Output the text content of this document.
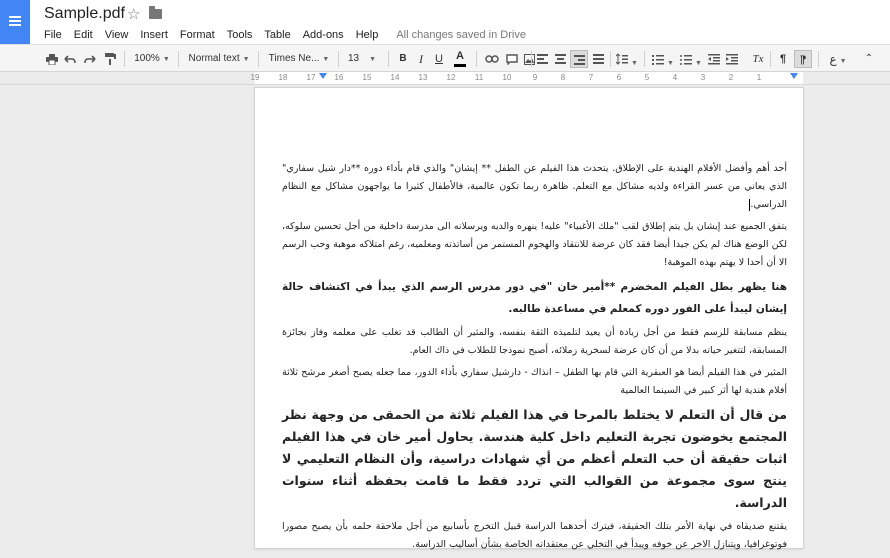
Sample.pdf ☆
File Edit View Insert Format Tools Table Add-ons Help All changes saved in Drive
100% ▼	Normal text ▼	Times Ne... ▼	13 ▼	B	I	U A
▼	▼	▼	Tx	¶	¶	ع ▼	⌃
19	18	17	16	15	14	13	12	11	10	9	8	7	6	5	4	3	2	1

أحد أهم وأفضل الأفلام الهندية على الإطلاق. يتحدث هذا الفيلم عن الطفل ** إيشان" والذي قام بأداء دوره **دار شيل سفاري" الذي يعاني من عسر القراءة ولديه مشاكل مع التعلم. ظاهرة ربما تكون عالمية، فالأطفال كثيرا ما يواجهون مشاكل مع النظام الدراسي.

يتفق الجميع عند إيشان بل يتم إطلاق لقب "ملك الأغبياء" عليه! ينهره والديه ويرسلانه الى مدرسة داخلية من أجل تحسين سلوكه، لكن الوضع هناك لم يكن جيدا أيضا فقد كان عرضة للانتقاد والهجوم المستمر من أساتذته ومعلميه، رغم امتلاكه موهبة وحب الرسم الا أن أحدا لا يهتم بهذه الموهبة!

هنا يظهر بطل الفيلم المخضرم **أمير خان "في دور مدرس الرسم الذي يبدأ في اكتشاف حالة إيشان ليبدأ على الفور دوره كمعلم في مساعدة طالبه.

ينظم مسابقة للرسم فقط من أجل زيادة أن يعيد لتلميذه الثقة بنفسه، والمثير أن الطالب قد تغلب على معلمه وفاز بجائزة المسابقة، لتتغير حياته بدلا من أن كان عرضة لسخرية زملائه، أصبح نموذجا للطلاب في ذاك العام.

المثير في هذا الفيلم أيضا هو العبقرية التي قام بها الطفل – انذاك - دارشيل سفاري بأداء الدور، مما جعله يصبح أصغر مرشح ثلاثة أفلام هندية لها أثر كبير في السينما العالمية

من قال أن التعلم لا يختلط بالمرحا في هذا الفيلم ثلاثة من الحمقى من وجهة نظر المجتمع يخوضون تجربة التعليم داخل كلية هندسة. يحاول أمير خان في هذا الفيلم اثبات حقيقة أن حب التعلم أعظم من أي شهادات دراسية، وأن النظام التعليمي لا ينتج سوى مجموعة من القوالب التي تردد فقط ما قامت بحفظه أثناء سنوات الدراسة.

يقتنع صديقاه في نهاية الأمر بتلك الحقيقة، فيترك أحدهما الدراسة قبيل التخرج بأسابيع من أجل ملاحقة حلمه بأن يصبح مصورا فوتوغرافيا، ويتنازل الاخر عن خوفه ويبدأ في التخلي عن معتقداته الخاصة بشأن أساليب الدراسة.
